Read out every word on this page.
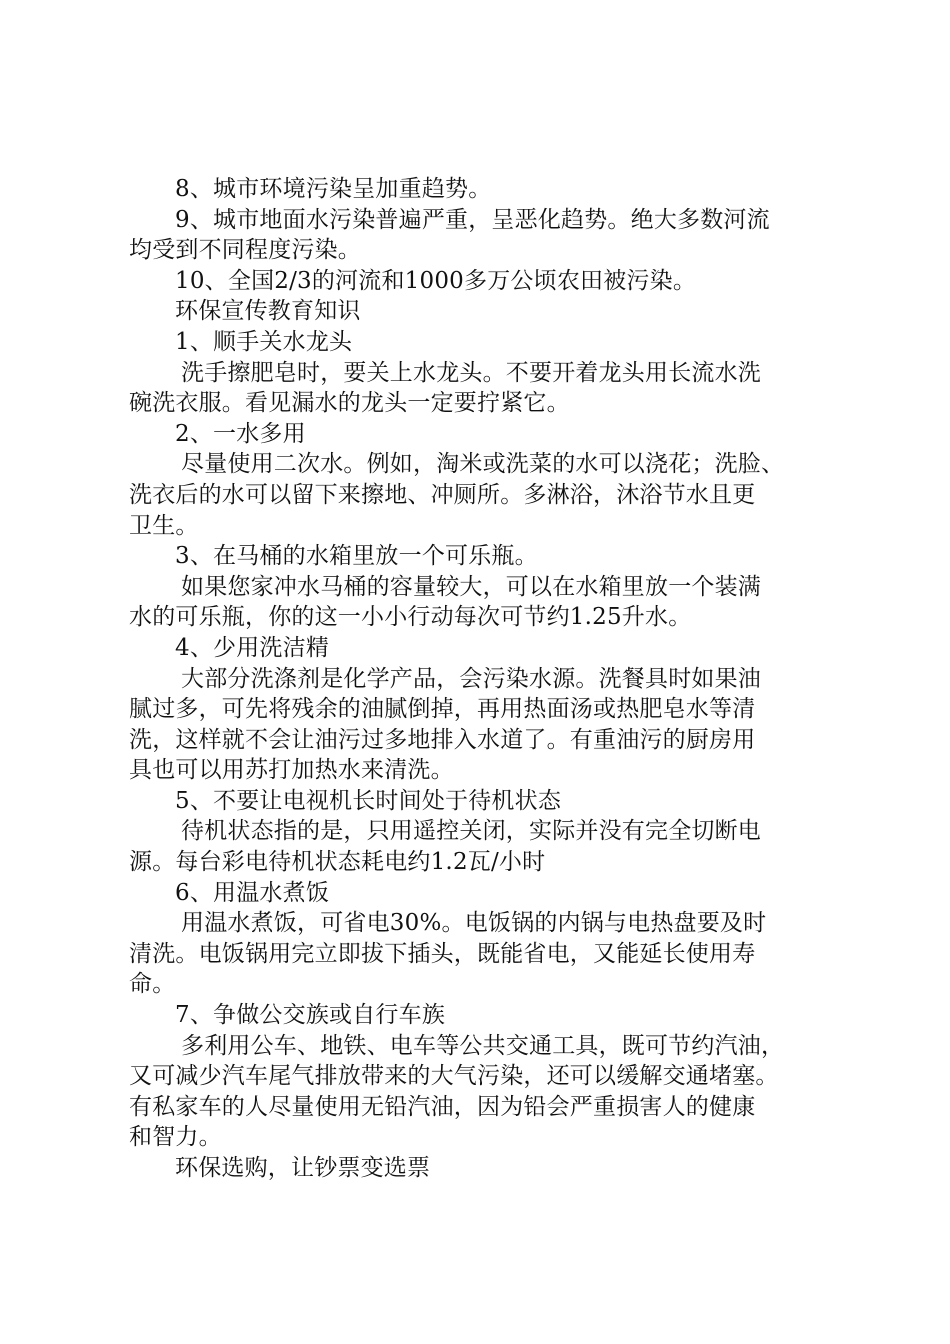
8、城市环境污染呈加重趋势。
9、城市地面水污染普遍严重，呈恶化趋势。绝大多数河流
均受到不同程度污染。
10、全国2/3的河流和1000多万公顷农田被污染。
环保宣传教育知识
1、顺手关水龙头
洗手擦肥皂时，要关上水龙头。不要开着龙头用长流水洗
碗洗衣服。看见漏水的龙头一定要拧紧它。
2、一水多用
尽量使用二次水。例如，淘米或洗菜的水可以浇花；洗脸、
洗衣后的水可以留下来擦地、冲厕所。多淋浴，沐浴节水且更
卫生。
3、在马桶的水箱里放一个可乐瓶。
如果您家冲水马桶的容量较大，可以在水箱里放一个装满
水的可乐瓶，你的这一小小行动每次可节约1.25升水。
4、少用洗洁精
大部分洗涤剂是化学产品，会污染水源。洗餐具时如果油
腻过多，可先将残余的油腻倒掉，再用热面汤或热肥皂水等清
洗，这样就不会让油污过多地排入水道了。有重油污的厨房用
具也可以用苏打加热水来清洗。
5、不要让电视机长时间处于待机状态
待机状态指的是，只用遥控关闭，实际并没有完全切断电
源。每台彩电待机状态耗电约1.2瓦/小时
6、用温水煮饭
用温水煮饭，可省电30%。电饭锅的内锅与电热盘要及时
清洗。电饭锅用完立即拔下插头，既能省电，又能延长使用寿
命。
7、争做公交族或自行车族
多利用公车、地铁、电车等公共交通工具，既可节约汽油，
又可减少汽车尾气排放带来的大气污染，还可以缓解交通堵塞。
有私家车的人尽量使用无铅汽油，因为铅会严重损害人的健康
和智力。
环保选购，让钞票变选票
